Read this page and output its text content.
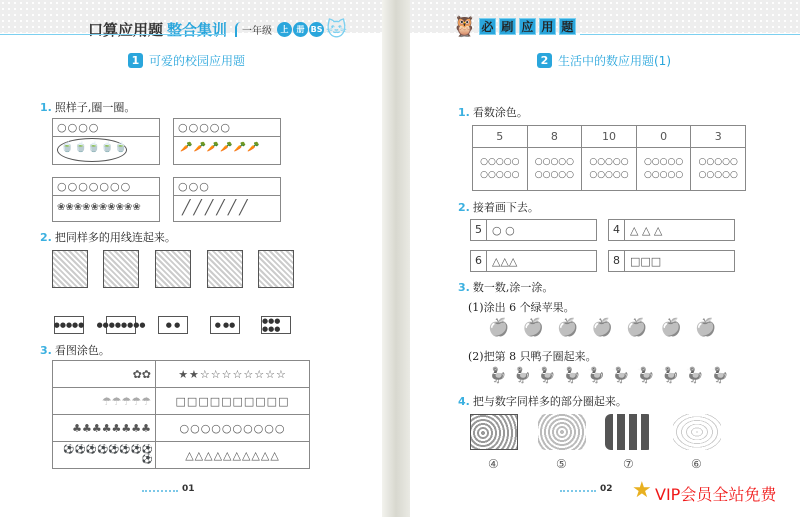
口算应用题 整合集训	一年级	上	册 BS 🐱
1 可爱的校园应用题
1. 照样子,圈一圈。
○○○○
🍵🍵🍵🍵🍵
○○○○○
🥕🥕🥕🥕🥕🥕
○○○○○○○
❀❀❀❀❀❀❀❀❀❀
○○○
╱╱╱╱╱╱
2. 把同样多的用线连起来。
●●●●● ●●●●●●●●	● ●	● ●●	●●● ●●●
3. 看图涂色。
✿✿	★★☆☆☆☆☆☆☆☆
☂☂☂☂☂	□□□□□□□□□□
♣♣♣♣♣♣♣♣	○○○○○○○○○○
⚽⚽⚽⚽⚽⚽⚽⚽⚽	△△△△△△△△△△
01
🦉 必 刷 应 用 题
2 生活中的数应用题(1)
1. 看数涂色。
5	8	10	0	3
○○○○○○○○○○	○○○○○○○○○○	○○○○○○○○○○	○○○○○○○○○○	○○○○○○○○○○
2. 接着画下去。
5 ○ ○	4 △ △ △
6 △△△	8 □□□
3. 数一数,涂一涂。
(1)涂出 6 个绿苹果。
🍎 🍎 🍎 🍎 🍎 🍎 🍎
(2)把第 8 只鸭子圈起来。
🦆🦆🦆🦆🦆🦆🦆🦆🦆🦆
4. 把与数字同样多的部分圈起来。
④	⑤	⑦	⑥
02 ★ VIP会员全站免费
